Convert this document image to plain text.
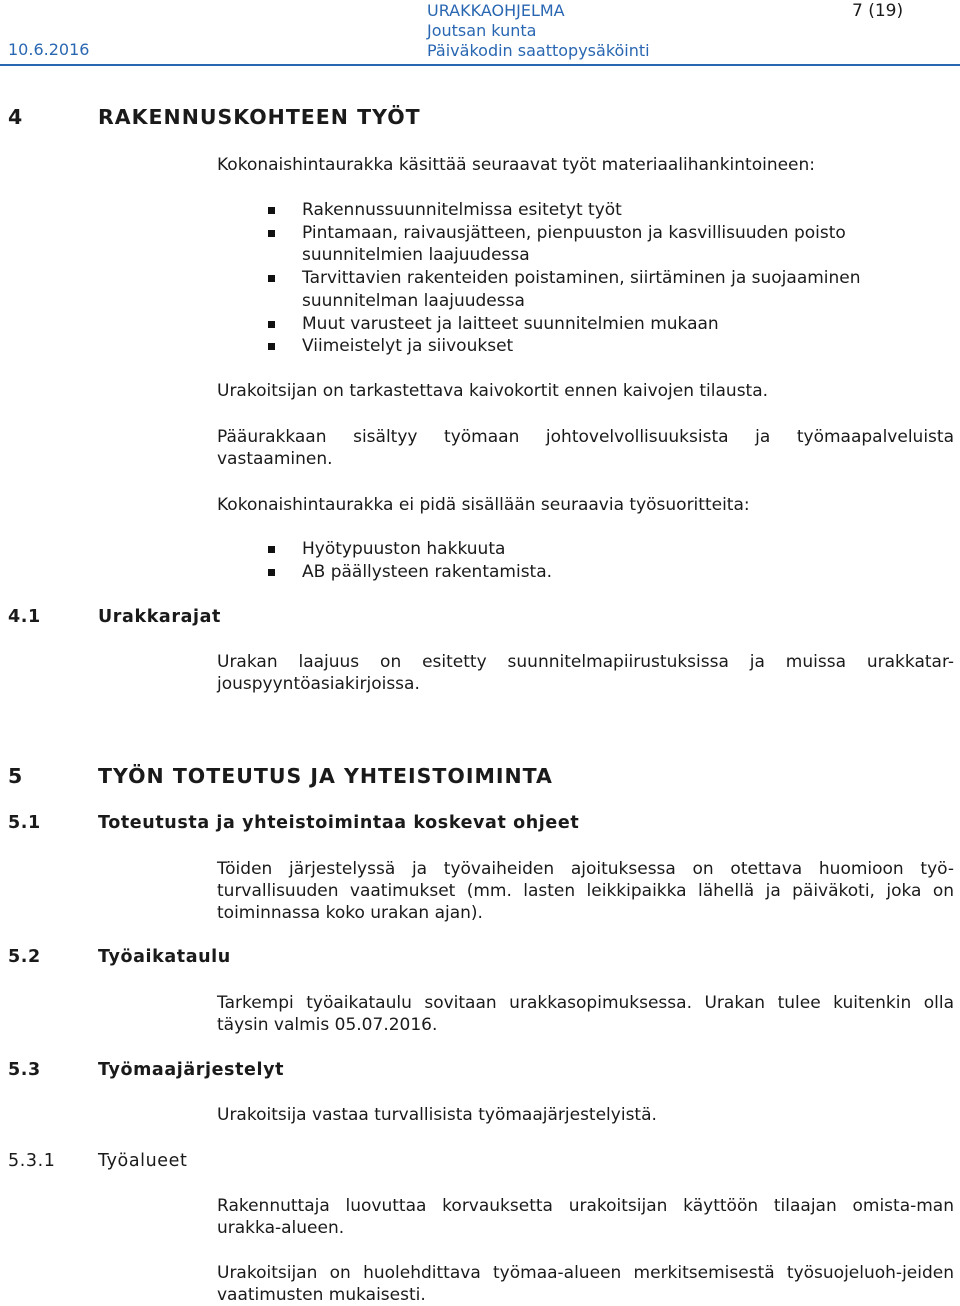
10.6.2016
URAKKAOHJELMA
Joutsan kunta
Päiväkodin saattopysäköinti
7 (19)
4	RAKENNUSKOHTEEN TYÖT
Kokonaishintaurakka käsittää seuraavat työt materiaalihankintoineen:
Rakennussuunnitelmissa esitetyt työt
Pintamaan, raivausjätteen, pienpuuston ja kasvillisuuden poisto
suunnitelmien laajuudessa
Tarvittavien rakenteiden poistaminen, siirtäminen ja suojaaminen
suunnitelman laajuudessa
Muut varusteet ja laitteet suunnitelmien mukaan
Viimeistelyt ja siivoukset
Urakoitsijan on tarkastettava kaivokortit ennen kaivojen tilausta.
Pääurakkaan sisältyy työmaan johtovelvollisuuksista ja työmaapalveluista vastaaminen.
Kokonaishintaurakka ei pidä sisällään seuraavia työsuoritteita:
Hyötypuuston hakkuuta
AB päällysteen rakentamista.
4.1	Urakkarajat
Urakan laajuus on esitetty suunnitelmapiirustuksissa ja muissa urakkatar-jouspyyntöasiakirjoissa.
5	TYÖN TOTEUTUS JA YHTEISTOIMINTA
5.1	Toteutusta ja yhteistoimintaa koskevat ohjeet
Töiden järjestelyssä ja työvaiheiden ajoituksessa on otettava huomioon työ-turvallisuuden vaatimukset (mm. lasten leikkipaikka lähellä ja päiväkoti, joka on toiminnassa koko urakan ajan).
5.2	Työaikataulu
Tarkempi työaikataulu sovitaan urakkasopimuksessa. Urakan tulee kuitenkin olla täysin valmis 05.07.2016.
5.3	Työmaajärjestelyt
Urakoitsija vastaa turvallisista työmaajärjestelyistä.
5.3.1 Työalueet
Rakennuttaja luovuttaa korvauksetta urakoitsijan käyttöön tilaajan omista-man urakka-alueen.
Urakoitsijan on huolehdittava työmaa-alueen merkitsemisestä työsuojeluoh-jeiden vaatimusten mukaisesti.
